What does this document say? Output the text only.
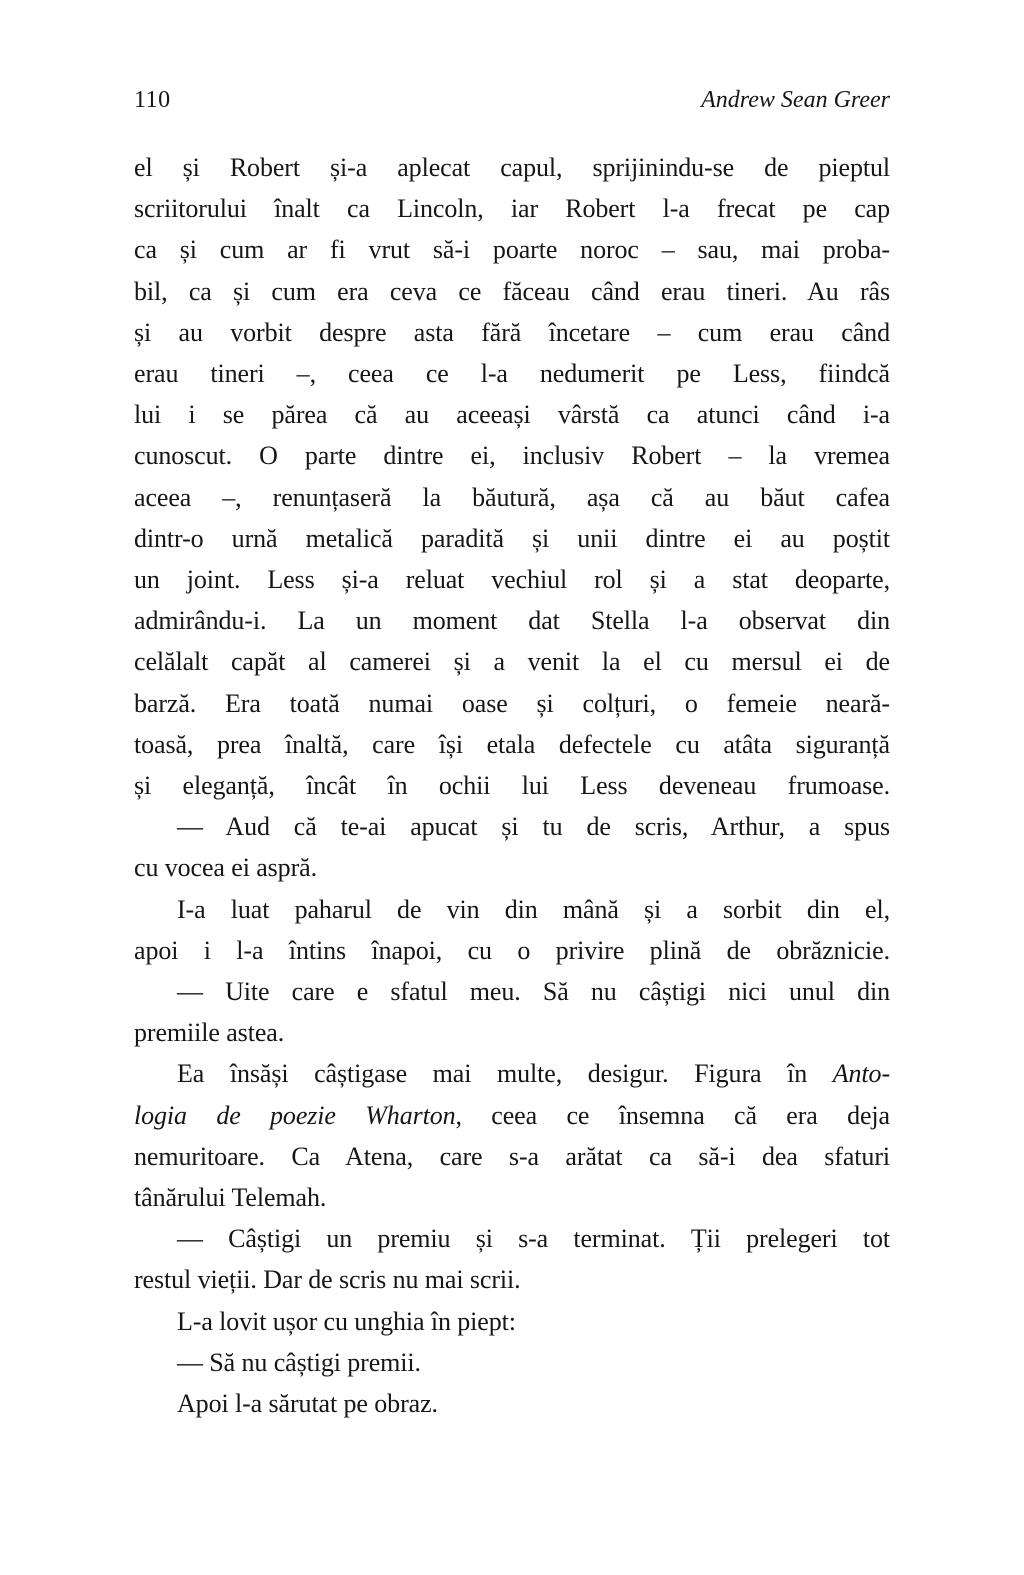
110	Andrew Sean Greer
el și Robert și-a aplecat capul, sprijinindu-se de pieptul
scriitorului înalt ca Lincoln, iar Robert l-a frecat pe cap
ca și cum ar fi vrut să-i poarte noroc – sau, mai proba-
bil, ca și cum era ceva ce făceau când erau tineri. Au râs
și au vorbit despre asta fără încetare – cum erau când
erau tineri –, ceea ce l-a nedumerit pe Less, fiindcă
lui i se părea că au aceeași vârstă ca atunci când i-a
cunoscut. O parte dintre ei, inclusiv Robert – la vremea
aceea –, renunțaseră la băutură, așa că au băut cafea
dintr-o urnă metalică paradită și unii dintre ei au poștit
un joint. Less și-a reluat vechiul rol și a stat deoparte,
admirându-i. La un moment dat Stella l-a observat din
celălalt capăt al camerei și a venit la el cu mersul ei de
barză. Era toată numai oase și colțuri, o femeie neară-
toasă, prea înaltă, care își etala defectele cu atâta siguranță
și eleganță, încât în ochii lui Less deveneau frumoase.
— Aud că te-ai apucat și tu de scris, Arthur, a spus
cu vocea ei aspră.
I-a luat paharul de vin din mână și a sorbit din el,
apoi i l-a întins înapoi, cu o privire plină de obrăznicie.
— Uite care e sfatul meu. Să nu câștigi nici unul din
premiile astea.
Ea însăși câștigase mai multe, desigur. Figura în Anto-
logia de poezie Wharton, ceea ce însemna că era deja
nemuritoare. Ca Atena, care s-a arătat ca să-i dea sfaturi
tânărului Telemah.
— Câștigi un premiu și s-a terminat. Ții prelegeri tot
restul vieții. Dar de scris nu mai scrii.
L-a lovit ușor cu unghia în piept:
— Să nu câștigi premii.
Apoi l-a sărutat pe obraz.
